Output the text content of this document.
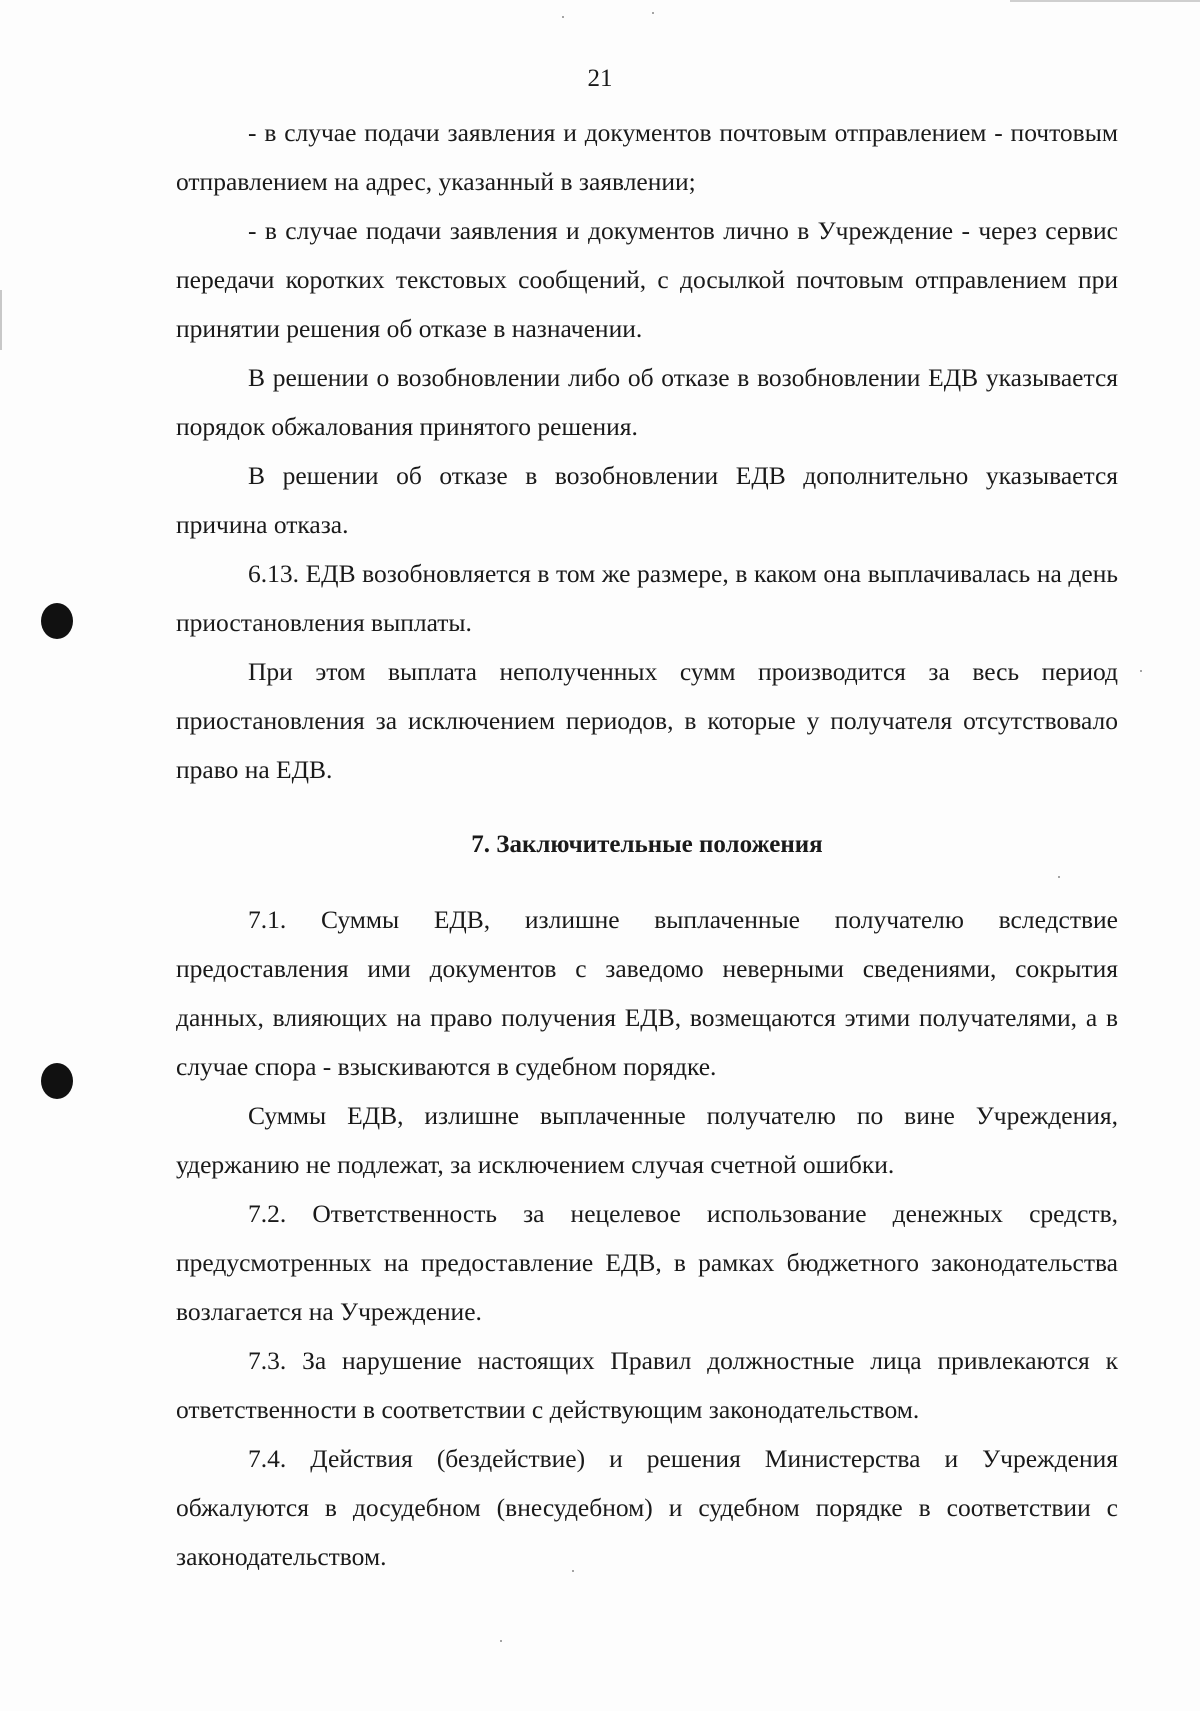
21

- в случае подачи заявления и документов почтовым отправлением - почтовым отправлением на адрес, указанный в заявлении;

- в случае подачи заявления и документов лично в Учреждение - через сервис передачи коротких текстовых сообщений, с досылкой почтовым отправлением при принятии решения об отказе в назначении.

В решении о возобновлении либо об отказе в возобновлении ЕДВ указывается порядок обжалования принятого решения.

В решении об отказе в возобновлении ЕДВ дополнительно указывается причина отказа.

6.13. ЕДВ возобновляется в том же размере, в каком она выплачивалась на день приостановления выплаты.

При этом выплата неполученных сумм производится за весь период приостановления за исключением периодов, в которые у получателя отсутствовало право на ЕДВ.

7. Заключительные положения

7.1. Суммы ЕДВ, излишне выплаченные получателю вследствие предоставления ими документов с заведомо неверными сведениями, сокрытия данных, влияющих на право получения ЕДВ, возмещаются этими получателями, а в случае спора - взыскиваются в судебном порядке.

Суммы ЕДВ, излишне выплаченные получателю по вине Учреждения, удержанию не подлежат, за исключением случая счетной ошибки.

7.2. Ответственность за нецелевое использование денежных средств, предусмотренных на предоставление ЕДВ, в рамках бюджетного законодательства возлагается на Учреждение.

7.3. За нарушение настоящих Правил должностные лица привлекаются к ответственности в соответствии с действующим законодательством.

7.4. Действия (бездействие) и решения Министерства и Учреждения обжалуются в досудебном (внесудебном) и судебном порядке в соответствии с законодательством.
